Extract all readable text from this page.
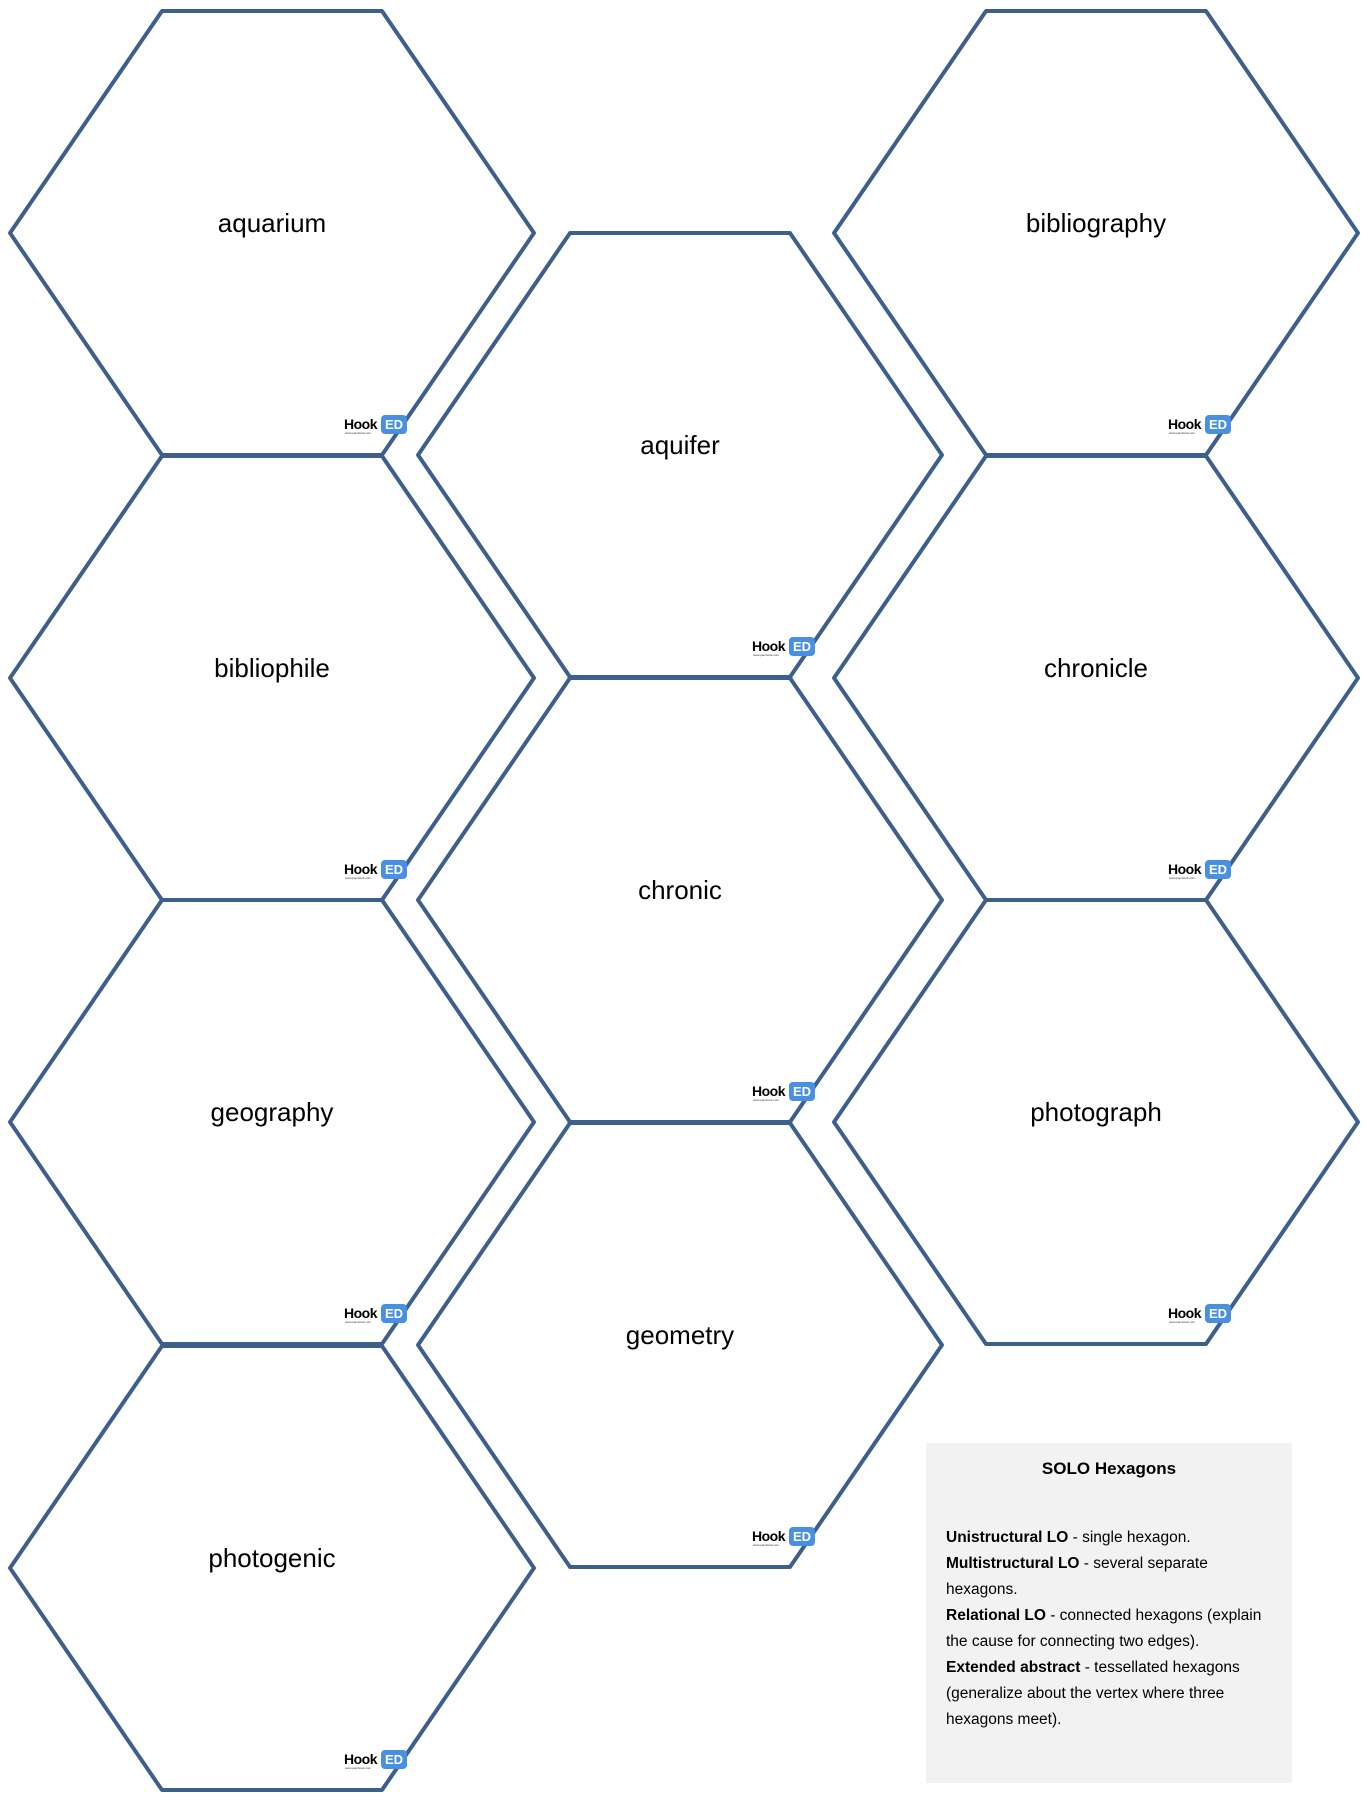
aquarium
Hook ED
www.pamhook.com	aquifer
Hook ED
www.pamhook.com
bibliography
Hook ED
www.pamhook.com
bibliophile
Hook ED
www.pamhook.com
chronicle
Hook ED
www.pamhook.com
chronic
Hook ED
www.pamhook.com
geography
Hook ED
www.pamhook.com
photograph
Hook ED
www.pamhook.com
geometry
Hook ED
www.pamhook.com
photogenic
Hook ED
www.pamhook.com
SOLO Hexagons

Unistructural LO - single hexagon.

Multistructural LO - several separate hexagons.

Relational LO - connected hexagons (explain the cause for connecting two edges).

Extended abstract - tessellated hexagons (generalize about the vertex where three hexagons meet).
